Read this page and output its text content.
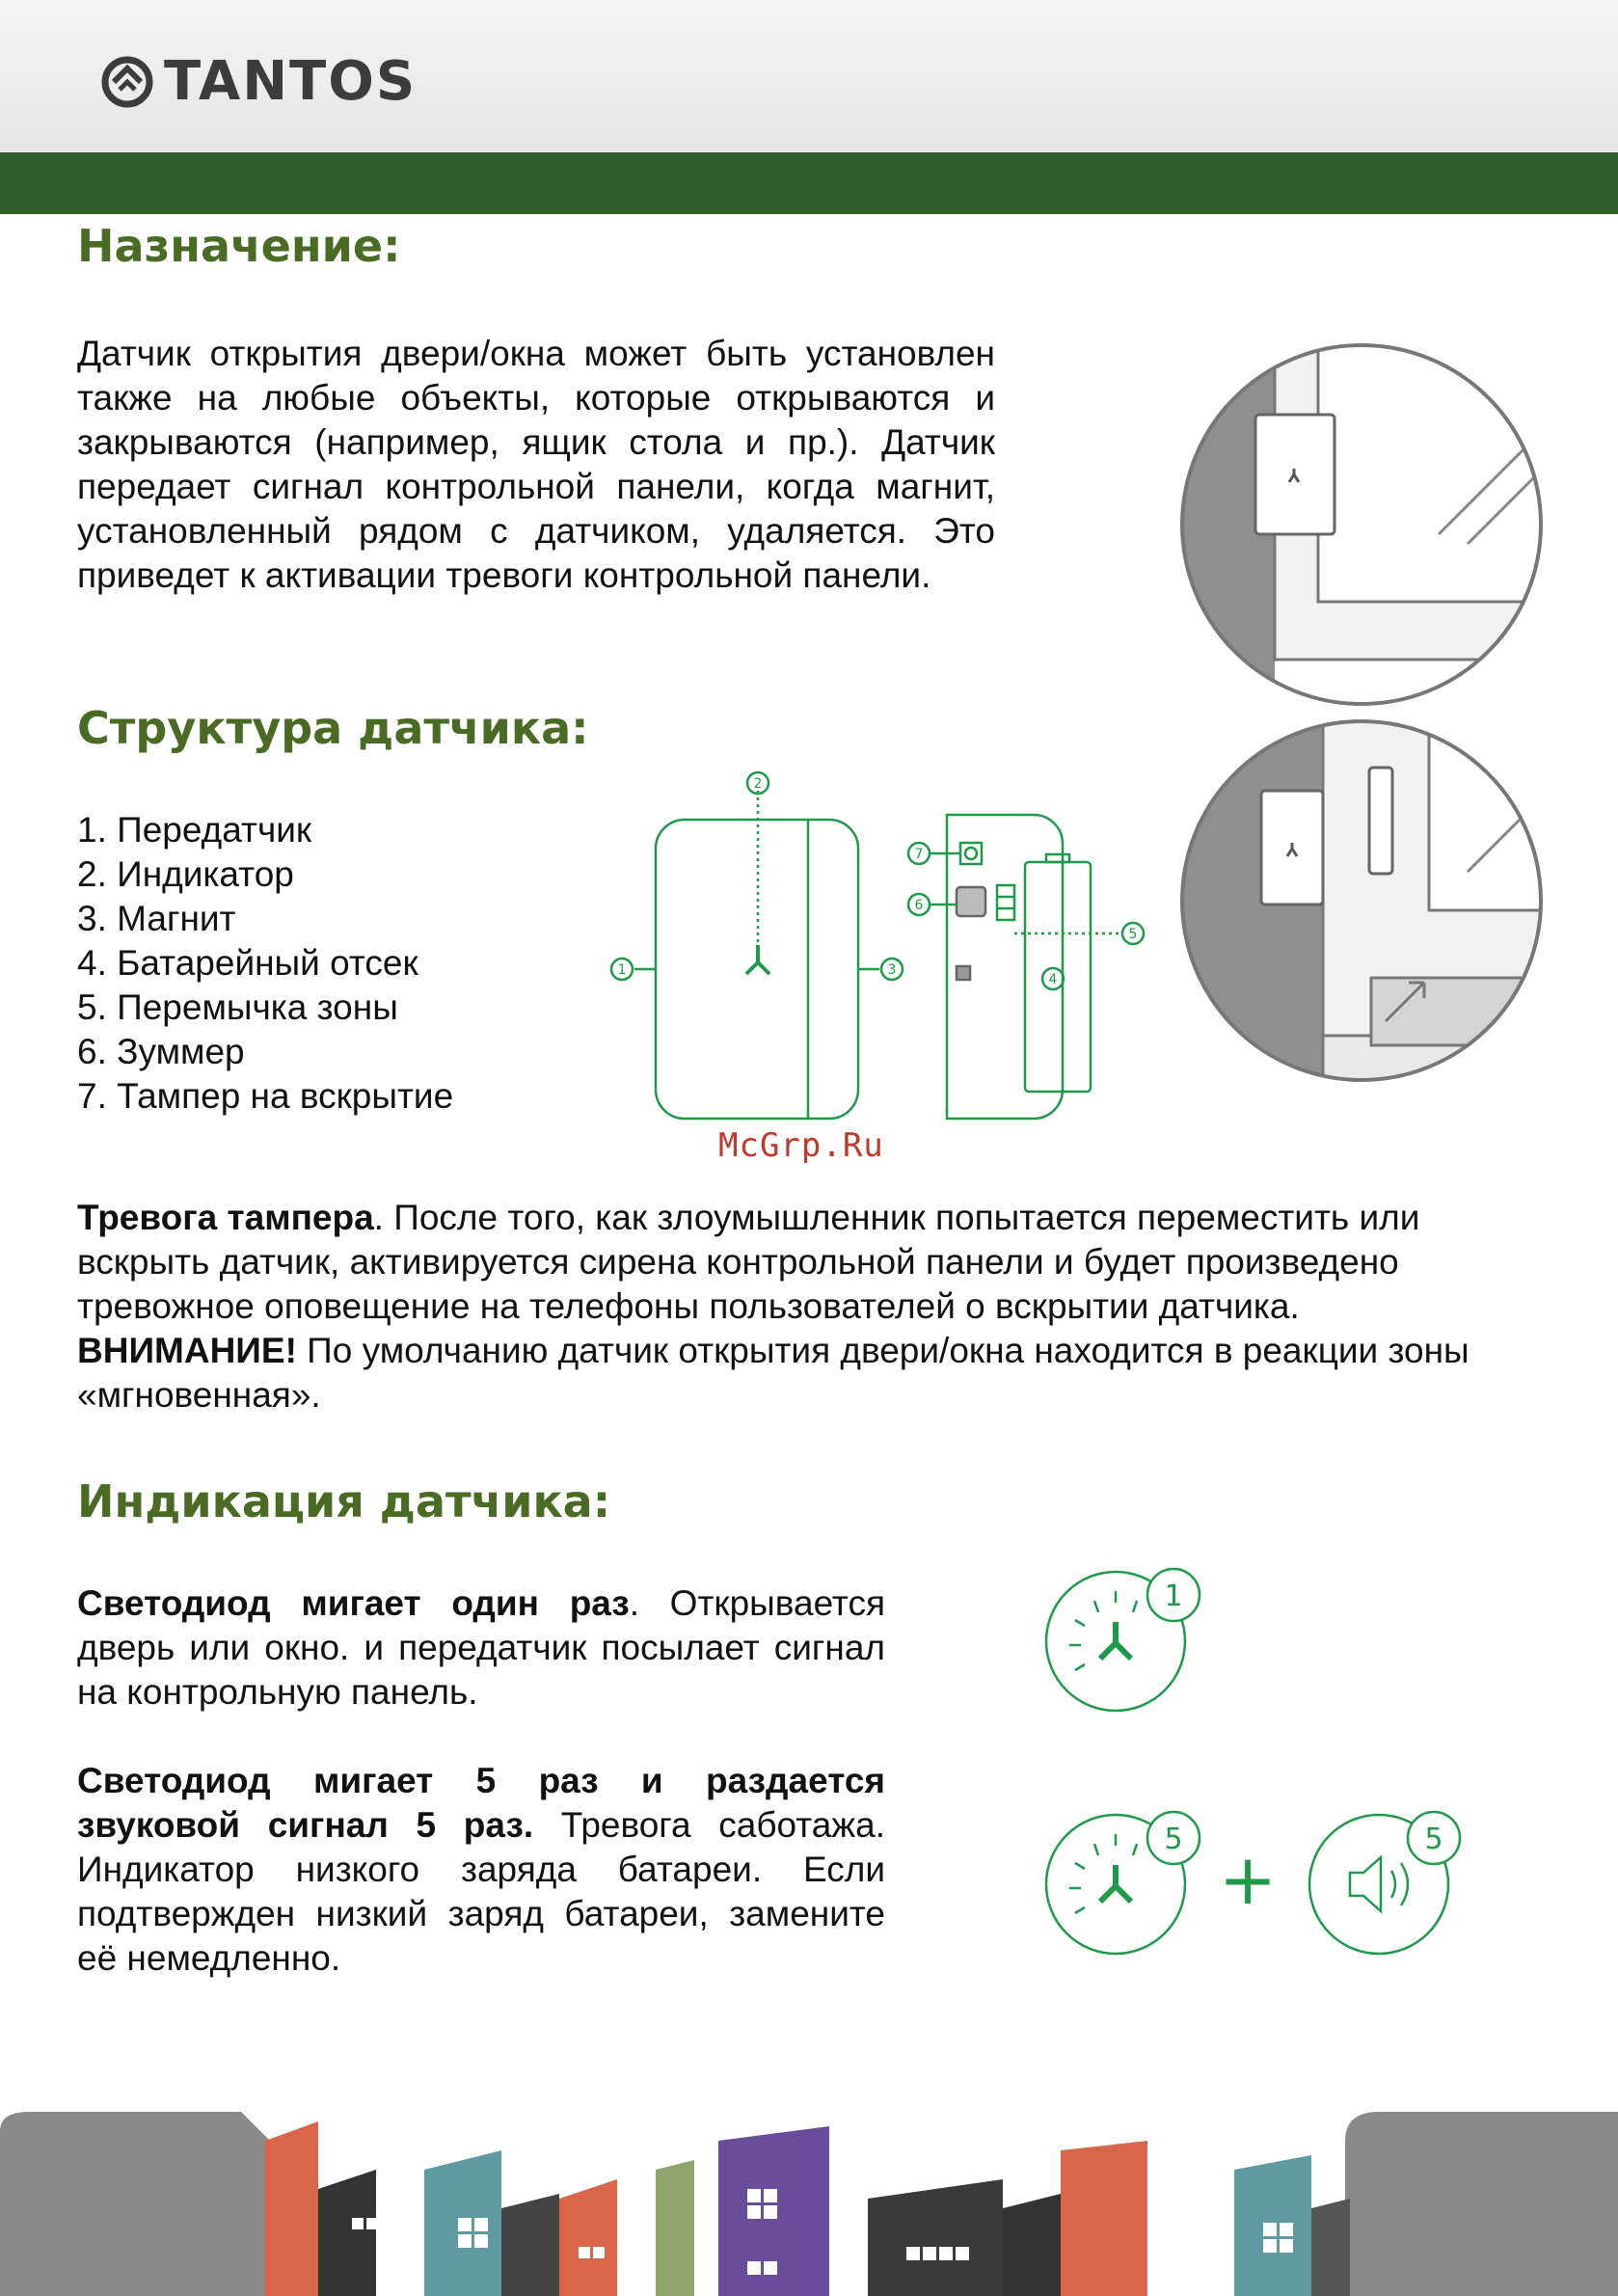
TANTOS
Назначение:

Датчик открытия двери/окна может быть установлен также на любые объекты, которые открываются и закрываются (например, ящик стола и пр.). Датчик передает сигнал контрольной панели, когда магнит, установленный рядом с датчиком, удаляется. Это приведет к активации тревоги контрольной панели.

Структура датчика:
1. Передатчик
2. Индикатор
3. Магнит
4. Батарейный отсек
5. Перемычка зоны
6. Зуммер
7. Тампер на вскрытие
1
2
3
4
5
6
7
McGrp.Ru

Тревога тампера. После того, как злоумышленник попытается переместить или вскрыть датчик, активируется сирена контрольной панели и будет произведено тревожное оповещение на телефоны пользователей о вскрытии датчика.
ВНИМАНИЕ! По умолчанию датчик открытия двери/окна находится в реакции зоны «мгновенная».

Индикация датчика:

Светодиод мигает один раз. Открывается дверь или окно. и передатчик посылает сигнал на контрольную панель.

Светодиод мигает 5 раз и раздается звуковой сигнал 5 раз. Тревога саботажа. Индикатор низкого заряда батареи. Если подтвержден низкий заряд батареи, замените её немедленно.

1
5 +	5
